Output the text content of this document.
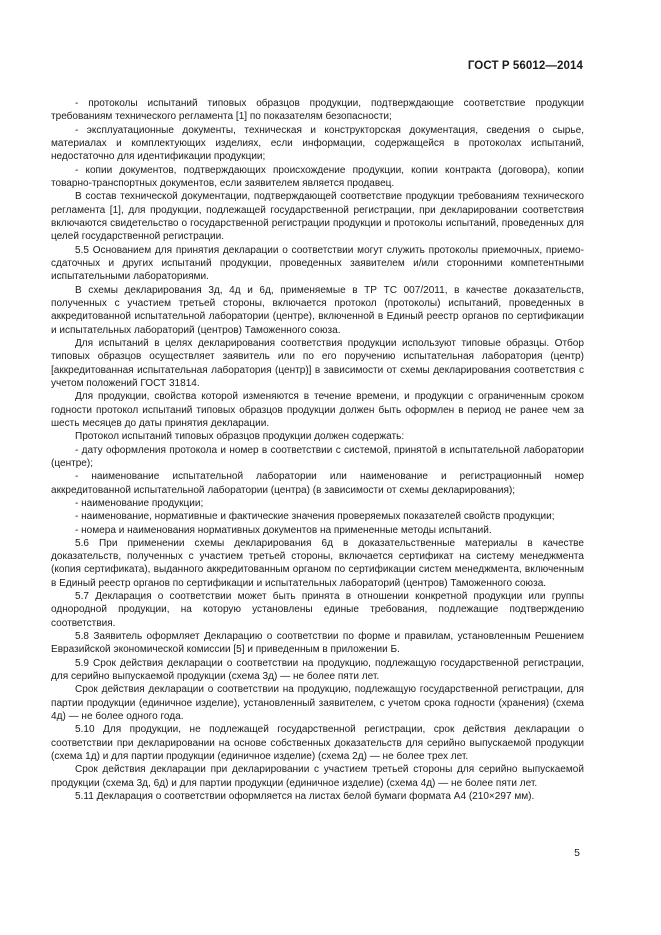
ГОСТ Р 56012—2014

- протоколы испытаний типовых образцов продукции, подтверждающие соответствие продукции требованиям технического регламента [1] по показателям безопасности;

- эксплуатационные документы, техническая и конструкторская документация, сведения о сырье, материалах и комплектующих изделиях, если информации, содержащейся в протоколах испытаний, недостаточно для идентификации продукции;

- копии документов, подтверждающих происхождение продукции, копии контракта (договора), копии товарно-транспортных документов, если заявителем является продавец.

В состав технической документации, подтверждающей соответствие продукции требованиям технического регламента [1], для продукции, подлежащей государственной регистрации, при декларировании соответствия включаются свидетельство о государственной регистрации продукции и протоколы испытаний, проведенных для целей государственной регистрации.

5.5 Основанием для принятия декларации о соответствии могут служить протоколы приемочных, приемо-сдаточных и других испытаний продукции, проведенных заявителем и/или сторонними компетентными испытательными лабораториями.

В схемы декларирования 3д, 4д и 6д, применяемые в ТР ТС 007/2011, в качестве доказательств, полученных с участием третьей стороны, включается протокол (протоколы) испытаний, проведенных в аккредитованной испытательной лаборатории (центре), включенной в Единый реестр органов по сертификации и испытательных лабораторий (центров) Таможенного союза.

Для испытаний в целях декларирования соответствия продукции используют типовые образцы. Отбор типовых образцов осуществляет заявитель или по его поручению испытательная лаборатория (центр) [аккредитованная испытательная лаборатория (центр)] в зависимости от схемы декларирования соответствия с учетом положений ГОСТ 31814.

Для продукции, свойства которой изменяются в течение времени, и продукции с ограниченным сроком годности протокол испытаний типовых образцов продукции должен быть оформлен в период не ранее чем за шесть месяцев до даты принятия декларации.

Протокол испытаний типовых образцов продукции должен содержать:

- дату оформления протокола и номер в соответствии с системой, принятой в испытательной лаборатории (центре);

- наименование испытательной лаборатории или наименование и регистрационный номер аккредитованной испытательной лаборатории (центра) (в зависимости от схемы декларирования);

- наименование продукции;

- наименование, нормативные и фактические значения проверяемых показателей свойств продукции;

- номера и наименования нормативных документов на примененные методы испытаний.

5.6 При применении схемы декларирования 6д в доказательственные материалы в качестве доказательств, полученных с участием третьей стороны, включается сертификат на систему менеджмента (копия сертификата), выданного аккредитованным органом по сертификации систем менеджмента, включенным в Единый реестр органов по сертификации и испытательных лабораторий (центров) Таможенного союза.

5.7 Декларация о соответствии может быть принята в отношении конкретной продукции или группы однородной продукции, на которую установлены единые требования, подлежащие подтверждению соответствия.

5.8 Заявитель оформляет Декларацию о соответствии по форме и правилам, установленным Решением Евразийской экономической комиссии [5] и приведенным в приложении Б.

5.9 Срок действия декларации о соответствии на продукцию, подлежащую государственной регистрации, для серийно выпускаемой продукции (схема 3д) — не более пяти лет.

Срок действия декларации о соответствии на продукцию, подлежащую государственной регистрации, для партии продукции (единичное изделие), установленный заявителем, с учетом срока годности (хранения) (схема 4д) — не более одного года.

5.10 Для продукции, не подлежащей государственной регистрации, срок действия декларации о соответствии при декларировании на основе собственных доказательств для серийно выпускаемой продукции (схема 1д) и для партии продукции (единичное изделие) (схема 2д) — не более трех лет.

Срок действия декларации при декларировании с участием третьей стороны для серийно выпускаемой продукции (схема 3д, 6д) и для партии продукции (единичное изделие) (схема 4д) — не более пяти лет.

5.11 Декларация о соответствии оформляется на листах белой бумаги формата А4 (210×297 мм).

5
